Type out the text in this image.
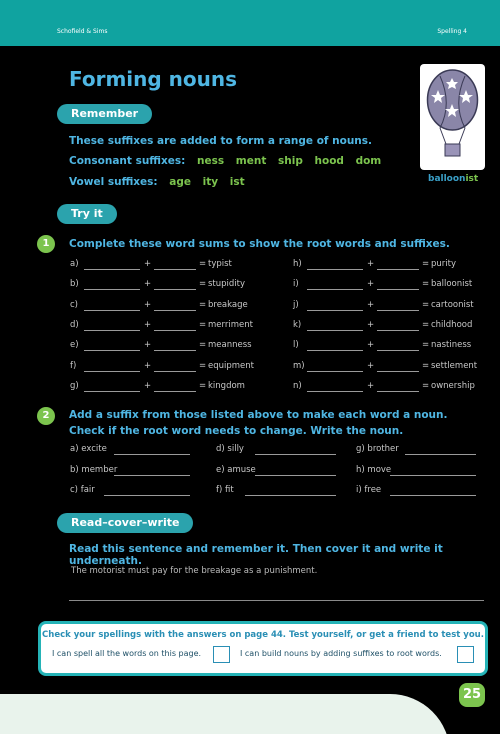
Schofield & Sims	Spelling 4
Forming nouns
Remember
These suffixes are added to form a range of nouns.
Consonant suffixes: ness ment ship hood dom
Vowel suffixes: age ity ist	balloonist
Try it
1	Complete these word sums to show the root words and suffixes.
a)	+	= typist
b)	+	= stupidity
c)	+	= breakage
d)	+	= merriment
e)	+	= meanness
f)	+	= equipment
g)	+	= kingdom
h)	+	= purity
i)	+	= balloonist
j)	+	= cartoonist
k)	+	= childhood
l)	+	= nastiness
m)	+	= settlement
n)	+	= ownership
2	Add a suffix from those listed above to make each word a noun. Check if the root word needs to change. Write the noun.
a) excite	d) silly	g) brother
b) member	e) amuse	h) move
c) fair	f) fit	i) free
Read–cover–write
Read this sentence and remember it. Then cover it and write it underneath.
The motorist must pay for the breakage as a punishment.
Check your spellings with the answers on page 44. Test yourself, or get a friend to test you.
I can spell all the words on this page.	I can build nouns by adding suffixes to root words.
25
